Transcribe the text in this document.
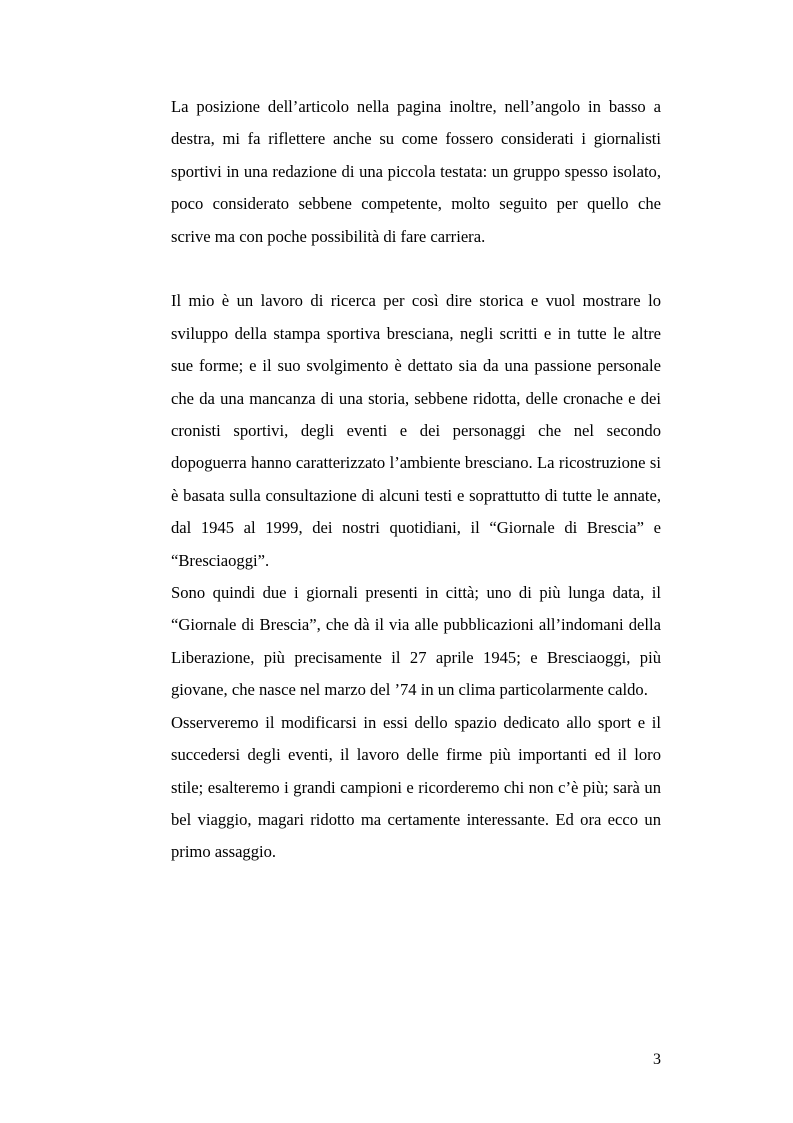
La posizione dell’articolo nella pagina inoltre, nell’angolo in basso a destra, mi fa riflettere anche su come fossero considerati i giornalisti sportivi in una redazione di una piccola testata: un gruppo spesso isolato, poco considerato sebbene competente, molto seguito per quello che scrive ma con poche possibilità di fare carriera.

Il mio è un lavoro di ricerca per così dire storica e vuol mostrare lo sviluppo della stampa sportiva bresciana, negli scritti e in tutte le altre sue forme; e il suo svolgimento è dettato sia da una passione personale che da una mancanza di una storia, sebbene ridotta, delle cronache e dei cronisti sportivi, degli eventi e dei personaggi che nel secondo dopoguerra hanno caratterizzato l’ambiente bresciano. La ricostruzione si è basata sulla consultazione di alcuni testi e soprattutto di tutte le annate, dal 1945 al 1999, dei nostri quotidiani, il “Giornale di Brescia” e “Bresciaoggi”.

Sono quindi due i giornali presenti in città; uno di più lunga data, il “Giornale di Brescia”, che dà il via alle pubblicazioni all’indomani della Liberazione, più precisamente il 27 aprile 1945; e Bresciaoggi, più giovane, che nasce nel marzo del ’74 in un clima particolarmente caldo.

Osserveremo il modificarsi in essi dello spazio dedicato allo sport e il succedersi degli eventi, il lavoro delle firme più importanti ed il loro stile; esalteremo i grandi campioni e ricorderemo chi non c’è più; sarà un bel viaggio, magari ridotto ma certamente interessante. Ed ora ecco un primo assaggio.

3
